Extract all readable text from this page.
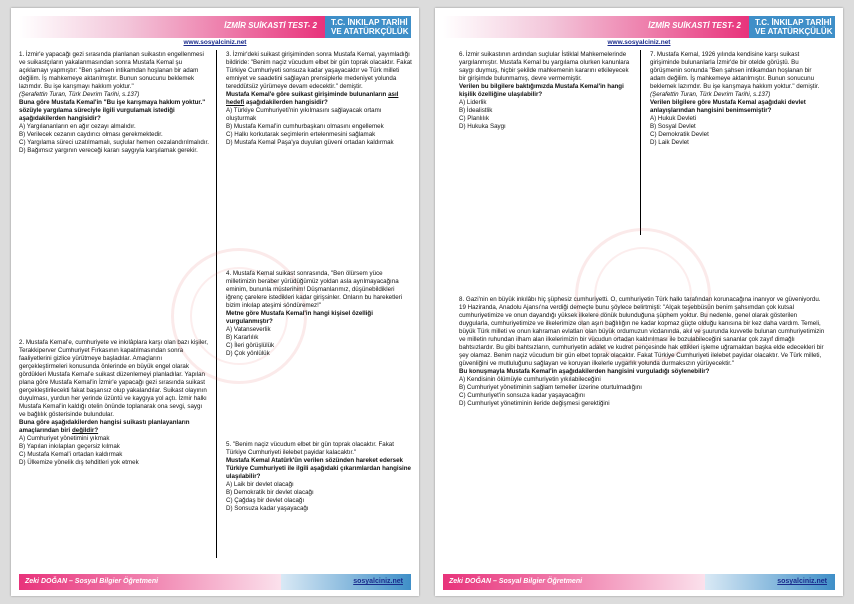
İZMİR SUİKASTİ TEST- 2	T.C. İNKILAP TARİHİ
VE ATATÜRKÇÜLÜK
www.sosyalciniz.net

1. İzmir'e yapacağı gezi sırasında planlanan suikastın engellenmesi ve suikastçıların yakalanmasından sonra Mustafa Kemal şu açıklamayı yapmıştır: "Ben şahsen intikamdan hoşlanan bir adam değilim. İş mahkemeye aktarılmıştır. Bunun sonucunu beklemek lazımdır. Bu işe karışmayı hakkım yoktur."

(Şerafettin Turan, Türk Devrim Tarihi, s.137)

Buna göre Mustafa Kemal'in "Bu işe karışmaya hakkım yoktur." sözüyle yargılama süreciyle ilgili vurgulamak istediği aşağıdakilerden hangisidir?

A) Yargılananların en ağır cezayı almalıdır.

B) Verilecek cezanın caydırıcı olması gerekmektedir.

C) Yargılama süreci uzatılmamalı, suçlular hemen cezalandırılmalıdır.

D) Bağımsız yargının vereceği kararı saygıyla karşılamak gerekir.

2. Mustafa Kemal'e, cumhuriyete ve inkılâplara karşı olan bazı kişiler, Terakkiperver Cumhuriyet Fırkasının kapatılmasından sonra faaliyetlerini gizlice yürütmeye başladılar. Amaçlarını gerçekleştirmeleri konusunda önlerinde en büyük engel olarak gördükleri Mustafa Kemal'e suikast düzenlemeyi planladılar. Yapılan plana göre Mustafa Kemal'in İzmir'e yapacağı gezi sırasında suikast gerçekleştirilecekti fakat başarısız olup yakalandılar. Suikast olayının duyulması, yurdun her yerinde üzüntü ve kaygıya yol açtı. İzmir halkı Mustafa Kemal'in kaldığı otelin önünde toplanarak ona sevgi, saygı ve bağlılık gösterisinde bulundular.

Buna göre aşağıdakilerden hangisi suikastı planlayanların amaçlarından biri değildir?

A) Cumhuriyet yönetimini yıkmak

B) Yapılan inkılapları geçersiz kılmak

C) Mustafa Kemal'i ortadan kaldırmak

D) Ülkemize yönelik dış tehditleri yok etmek

3. İzmir'deki suikast girişiminden sonra Mustafa Kemal, yayımladığı bildiride: "Benim naçiz vücudum elbet bir gün toprak olacaktır. Fakat Türkiye Cumhuriyeti sonsuza kadar yaşayacaktır ve Türk milleti emniyet ve saadetini sağlayan prensiplerle medeniyet yolunda tereddütsüz yürümeye devam edecektir." demiştir.

Mustafa Kemal'e göre suikast girişiminde bulunanların asıl hedefi aşağıdakilerden hangisidir?

A) Türkiye Cumhuriyeti'nin yıkılmasını sağlayacak ortamı oluşturmak

B) Mustafa Kemal'in cumhurbaşkanı olmasını engellemek

C) Halkı korkutarak seçimlerin ertelenmesini sağlamak

D) Mustafa Kemal Paşa'ya duyulan güveni ortadan kaldırmak

4. Mustafa Kemal suikast sonrasında, "Ben ölürsem yüce milletimizin beraber yürüdüğümüz yoldan asla ayrılmayacağına eminim, bununla müsterihim! Düşmanlarımız, düşünebildikleri iğrenç çarelere istedikleri kadar girişsinler. Onların bu hareketleri bizim inkılap ateşimi söndüremez!"

Metne göre Mustafa Kemal'in hangi kişisel özelliği vurgulanmıştır?

A) Vatanseverlik

B) Kararlılık

C) İleri görüşlülük

D) Çok yönlülük

5. "Benim naçiz vücudum elbet bir gün toprak olacaktır. Fakat Türkiye Cumhuriyeti ilelebet payidar kalacaktır."

Mustafa Kemal Atatürk'ün verilen sözünden hareket edersek Türkiye Cumhuriyeti ile ilgili aşağıdaki çıkarımlardan hangisine ulaşılabilir?

A) Laik bir devlet olacağı

B) Demokratik bir devlet olacağı

C) Çağdaş bir devlet olacağı

D) Sonsuza kadar yaşayacağı

Zeki DOĞAN – Sosyal Bilgier Öğretmeni	sosyalciniz.net
İZMİR SUİKASTİ TEST- 2	T.C. İNKILAP TARİHİ
VE ATATÜRKÇÜLÜK
www.sosyalciniz.net

6. İzmir suikastının ardından suçlular İstiklal Mahkemelerinde yargılanmıştır. Mustafa Kemal bu yargılama olurken kanunlara saygı duymuş, hiçbir şekilde mahkemenin kararını etkileyecek bir girişimde bulunmamış, devre vermemiştir.

Verilen bu bilgilere baktığımızda Mustafa Kemal'in hangi kişilik özelliğine ulaşılabilir?

A) Liderlik

B) İdealistlik

C) Planlılık

D) Hukuka Saygı

7. Mustafa Kemal, 1926 yılında kendisine karşı suikast girişiminde bulunanlarla İzmir'de bir otelde görüştü. Bu görüşmenin sonunda "Ben şahsen intikamdan hoşlanan bir adam değilim. İş mahkemeye aktarılmıştır. Bunun sonucunu beklemek lazımdır. Bu işe karışmaya hakkım yoktur." demiştir.

(Şerafettin Turan, Türk Devrim Tarihi, s.137)

Verilen bilgilere göre Mustafa Kemal aşağıdaki devlet anlayışlarından hangisini benimsemiştir?

A) Hukuk Devleti

B) Sosyal Devlet

C) Demokratik Devlet

D) Laik Devlet

8. Gazi'nin en büyük inkılâbı hiç şüphesiz cumhuriyetti. O, cumhuriyetin Türk halkı tarafından korunacağına inanıyor ve güveniyordu. 19 Haziranda, Anadolu Ajansı'na verdiği demeçte bunu şöylece belirtmişti: "Alçak teşebbüsün benim şahsımdan çok kutsal cumhuriyetimize ve onun dayandığı yüksek ilkelere dönük bulunduğuna şüphem yoktur. Bu nedenle, genel olarak gösterilen duygularla, cumhuriyetimize ve ilkelerimize olan aşırı bağlılığın ne kadar kopmaz güçte olduğu kanısına bir kez daha vardım. Temeli, büyük Türk milleti ve onun kahraman evlatları olan büyük ordumuzun vicdanında, akıl ve şuurunda kuvvetle bulunan cumhuriyetimizin ve milletin ruhundan ilham alan ilkelerimizin bir vücudun ortadan kaldırılması ile bozulabileceğini sananlar çok zayıf dimağlı bahtsızlardır. Bu gibi bahtsızların, cumhuriyetin adalet ve kudret pençesinde hak ettikleri işleme uğramaktan başka elde edecekleri bir şey olamaz. Benim naçiz vücudum bir gün elbet toprak olacaktır. Fakat Türkiye Cumhuriyeti ilelebet payidar olacaktır. Ve Türk milleti, güvenliğini ve mutluluğunu sağlayan ve koruyan ilkelerle uygarlık yolunda durmaksızın yürüyecektir."

Bu konuşmayla Mustafa Kemal'in aşağıdakilerden hangisini vurguladığı söylenebilir?

A) Kendisinin ölümüyle cumhuriyetin yıkılabileceğini

B) Cumhuriyet yönetiminin sağlam temeller üzerine oturtulmadığını

C) Cumhuriyet'in sonsuza kadar yaşayacağını

D) Cumhuriyet yönetiminin ileride değişmesi gerektiğini

Zeki DOĞAN – Sosyal Bilgier Öğretmeni	sosyalciniz.net
